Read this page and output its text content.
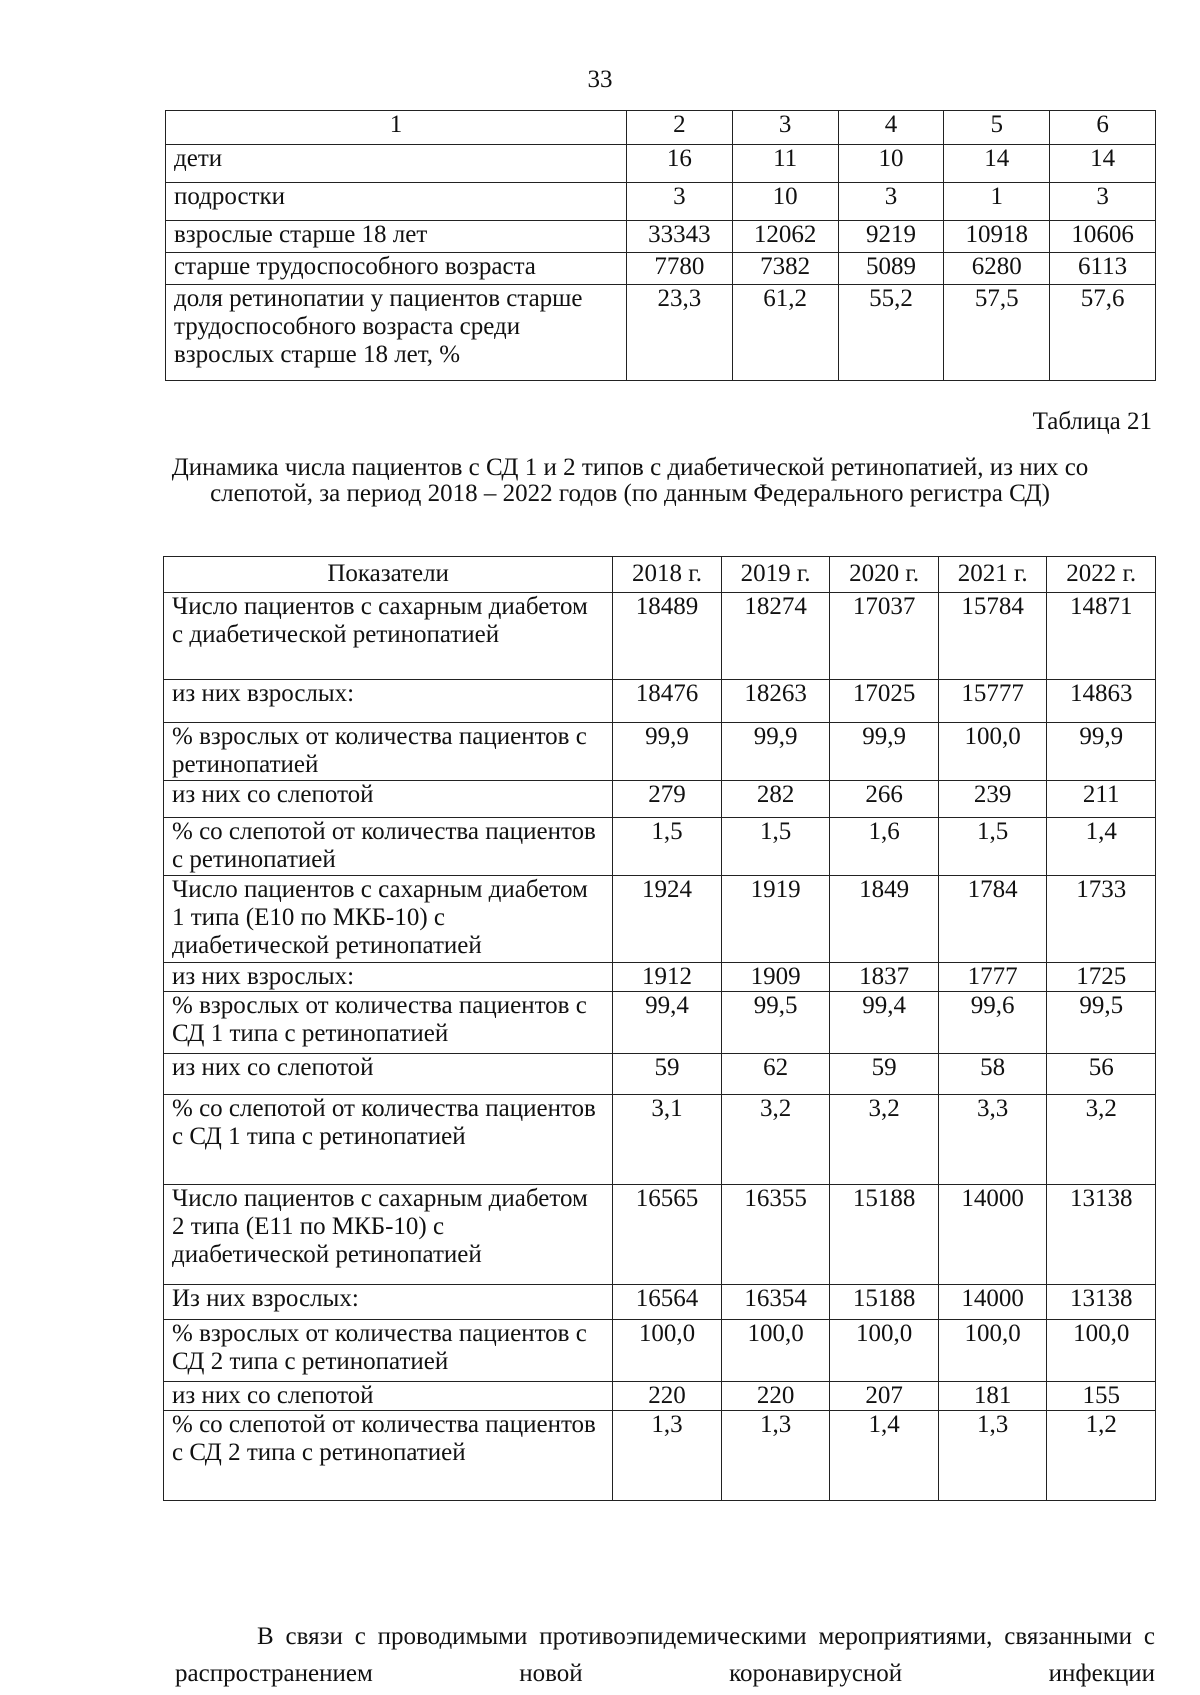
33
1	2	3	4	5	6
дети	16	11	10	14	14
подростки	3	10	3	1	3
взрослые старше 18 лет	33343	12062	9219	10918	10606
старше трудоспособного возраста	7780	7382	5089	6280	6113
доля ретинопатии у пациентов старше трудоспособного возраста среди взрослых старше 18 лет, %	23,3	61,2	55,2	57,5	57,6
Таблица 21
Динамика числа пациентов с СД 1 и 2 типов с диабетической ретинопатией, из них со слепотой, за период 2018 – 2022 годов (по данным Федерального регистра СД)
Показатели	2018 г.	2019 г.	2020 г.	2021 г.	2022 г.
Число пациентов с сахарным диабетом с диабетической ретинопатией	18489	18274	17037	15784	14871
из них взрослых:	18476	18263	17025	15777	14863
% взрослых от количества пациентов с ретинопатией	99,9	99,9	99,9	100,0	99,9
из них со слепотой	279	282	266	239	211
% со слепотой от количества пациентов с ретинопатией	1,5	1,5	1,6	1,5	1,4
Число пациентов с сахарным диабетом 1 типа (E10 по МКБ-10) с диабетической ретинопатией	1924	1919	1849	1784	1733
из них взрослых:	1912	1909	1837	1777	1725
% взрослых от количества пациентов с СД 1 типа с ретинопатией	99,4	99,5	99,4	99,6	99,5
из них со слепотой	59	62	59	58	56
% со слепотой от количества пациентов с СД 1 типа с ретинопатией	3,1	3,2	3,2	3,3	3,2
Число пациентов с сахарным диабетом 2 типа (E11 по МКБ-10) с диабетической ретинопатией	16565	16355	15188	14000	13138
Из них взрослых:	16564	16354	15188	14000	13138
% взрослых от количества пациентов с СД 2 типа с ретинопатией	100,0	100,0	100,0	100,0	100,0
из них со слепотой	220	220	207	181	155
% со слепотой от количества пациентов с СД 2 типа с ретинопатией	1,3	1,3	1,4	1,3	1,2

В связи с проводимыми противоэпидемическими мероприятиями, связанными с распространением новой коронавирусной инфекции
